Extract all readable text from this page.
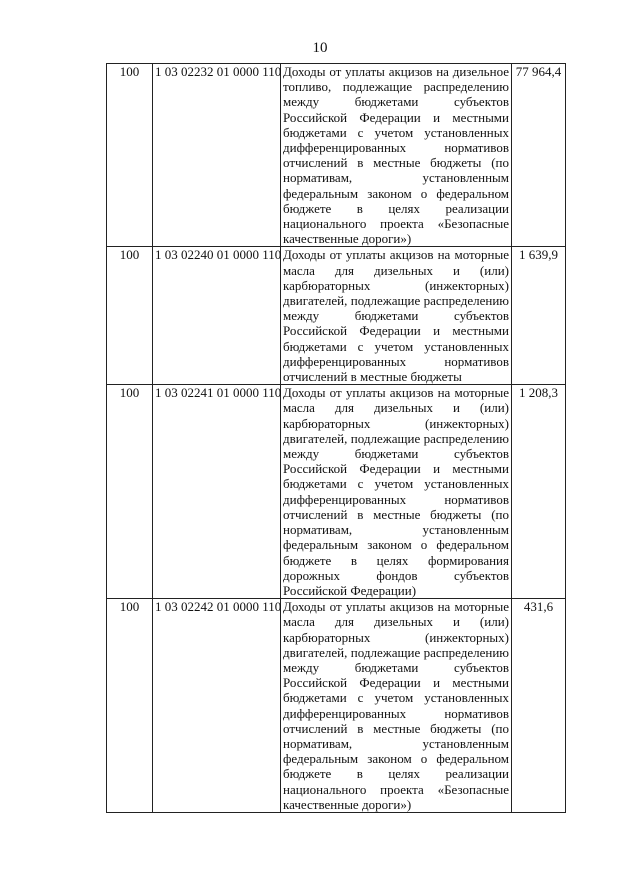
10
100	1 03 02232 01 0000 110	Доходы от уплаты акцизов на дизельное топливо, подлежащие распределению между бюджетами субъектов Российской Федерации и местными бюджетами с учетом установленных дифференцированных нормативов отчислений в местные бюджеты (по нормативам, установленным федеральным законом о федеральном бюджете в целях реализации национального проекта «Безопасные качественные дороги»)	77 964,4
100	1 03 02240 01 0000 110	Доходы от уплаты акцизов на моторные масла для дизельных и (или) карбюраторных (инжекторных) двигателей, подлежащие распределению между бюджетами субъектов Российской Федерации и местными бюджетами с учетом установленных дифференцированных нормативов отчислений в местные бюджеты	1 639,9
100	1 03 02241 01 0000 110	Доходы от уплаты акцизов на моторные масла для дизельных и (или) карбюраторных (инжекторных) двигателей, подлежащие распределению между бюджетами субъектов Российской Федерации и местными бюджетами с учетом установленных дифференцированных нормативов отчислений в местные бюджеты (по нормативам, установленным федеральным законом о федеральном бюджете в целях формирования дорожных фондов субъектов Российской Федерации)	1 208,3
100	1 03 02242 01 0000 110	Доходы от уплаты акцизов на моторные масла для дизельных и (или) карбюраторных (инжекторных) двигателей, подлежащие распределению между бюджетами субъектов Российской Федерации и местными бюджетами с учетом установленных дифференцированных нормативов отчислений в местные бюджеты (по нормативам, установленным федеральным законом о федеральном бюджете в целях реализации национального проекта «Безопасные качественные дороги»)	431,6
